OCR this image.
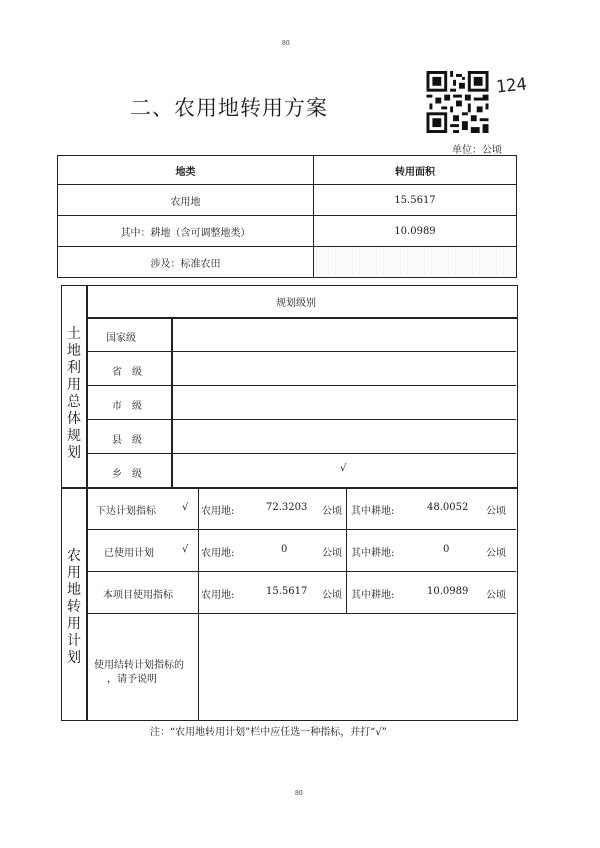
80
二、农用地转用方案
124
单位：公顷
地类	转用面积
农用地	15.5617
其中：耕地（含可调整地类）	10.0989
涉及：标准农田	
土地利用总体规划
规划级别
国家级
省　级
市　级
县　级
乡　级
√
农用地转用计划
下达计划指标	√ 农用地:	72.3203 公顷 其中耕地:	48.0052 公顷
已使用计划	√ 农用地:	0	公顷 其中耕地:	0	公顷
本项目使用指标	农用地:	15.5617 公顷 其中耕地:	10.0989 公顷
使用结转计划指标的
，请予说明
注：“农用地转用计划”栏中应任选一种指标，并打“√”
80
